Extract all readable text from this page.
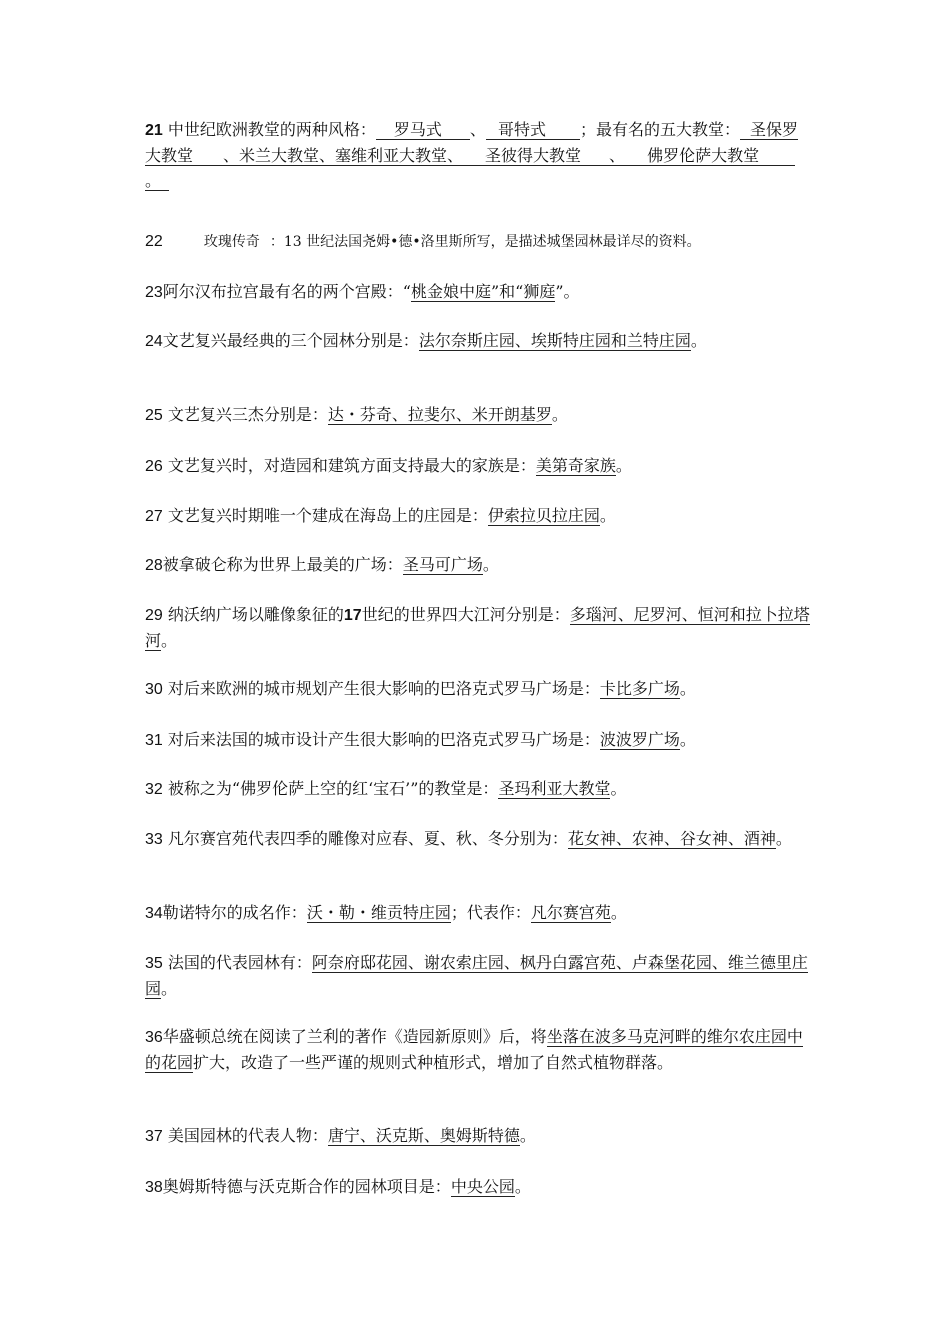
21 中世纪欧洲教堂的两种风格： 罗马式 、 哥特式 ；最有名的五大教堂： 圣保罗大教堂 、米兰大教堂、塞维利亚大教堂、 圣彼得大教堂 、 佛罗伦萨大教堂。

22	玫瑰传奇 ：13 世纪法国尧姆•德•洛里斯所写，是描述城堡园林最详尽的资料。

23阿尔汉布拉宫最有名的两个宫殿：“桃金娘中庭”和“狮庭”。

24文艺复兴最经典的三个园林分别是：法尔奈斯庄园、埃斯特庄园和兰特庄园。

25 文艺复兴三杰分别是：达・芬奇、拉斐尔、米开朗基罗。

26 文艺复兴时，对造园和建筑方面支持最大的家族是：美第奇家族。

27 文艺复兴时期唯一个建成在海岛上的庄园是：伊索拉贝拉庄园。

28被拿破仑称为世界上最美的广场：圣马可广场。

29 纳沃纳广场以雕像象征的17世纪的世界四大江河分别是：多瑙河、尼罗河、恒河和拉卜拉塔河。

30 对后来欧洲的城市规划产生很大影响的巴洛克式罗马广场是：卡比多广场。

31 对后来法国的城市设计产生很大影响的巴洛克式罗马广场是：波波罗广场。

32 被称之为“佛罗伦萨上空的红‘宝石’”的教堂是：圣玛利亚大教堂。

33 凡尔赛宫苑代表四季的雕像对应春、夏、秋、冬分别为：花女神、农神、谷女神、酒神。

34勒诺特尔的成名作：沃・勒・维贡特庄园；代表作：凡尔赛宫苑。

35 法国的代表园林有：阿奈府邸花园、谢农索庄园、枫丹白露宫苑、卢森堡花园、维兰德里庄园。

36华盛顿总统在阅读了兰利的著作《造园新原则》后，将坐落在波多马克河畔的维尔农庄园中的花园扩大，改造了一些严谨的规则式种植形式，增加了自然式植物群落。

37 美国园林的代表人物：唐宁、沃克斯、奥姆斯特德。

38奥姆斯特德与沃克斯合作的园林项目是：中央公园。
